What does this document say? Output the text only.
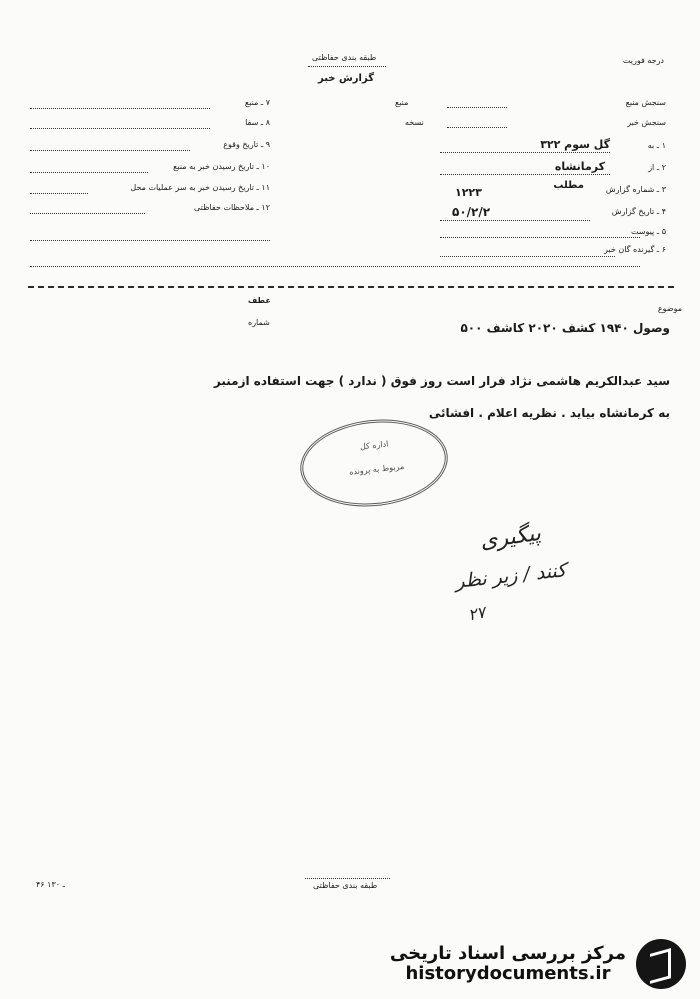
درجه فوریت
طبقه بندی حفاظتی
گزارش خبر
سنجش منبع
منبع
سنجش خبر
نسخه
۱ ـ به
گل سوم ۳۲۲
۲ ـ از
کرمانشاه
۳ ـ شماره گزارش
مطلب
۱۲۲۳
۴ ـ تاریخ گزارش
۵۰/۲/۲
۵ ـ پیوست
۶ ـ گیرنده گان خبر
۷ ـ منبع
۸ ـ سفا
۹ ـ تاریخ وقوع
۱۰ ـ تاریخ رسیدن خبر به منبع
۱۱ ـ تاریخ رسیدن خبر به سر عملیات محل
۱۲ ـ ملاحظات حفاظتی
عطف
شماره
موضوع
وصول ۱۹۴۰ کشف ۲۰۲۰ کاشف ۵۰۰
سید عبدالکریم هاشمی نژاد فرار است روز فوق ( ندارد ) جهت استفاده ازمنبر
به کرمانشاه بیاید . نظریه اعلام . افشائی
اداره کل
مربوط به پرونده
پیگیری
کنند / زیر نظر
۲۷
طبقه بندی حفاظتی
۴۶ ـ ۱۳۰
مرکز بررسی اسناد تاریخی
historydocuments.ir
